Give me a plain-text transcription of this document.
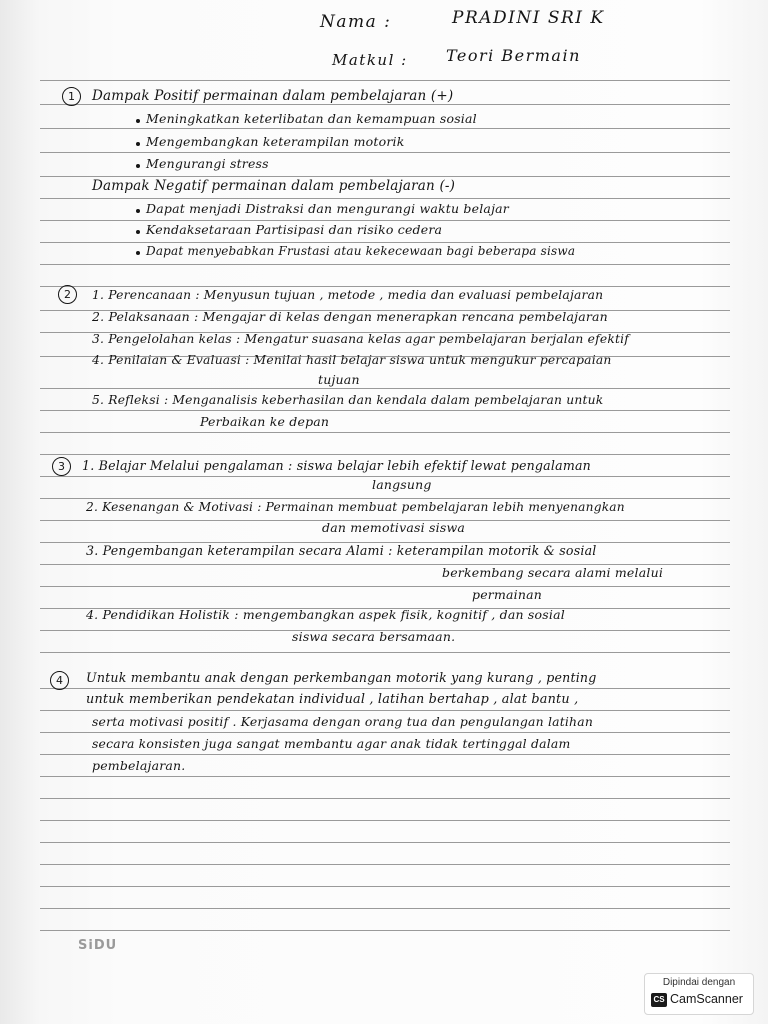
Nama :	PRADINI SRI K
Matkul : Teori Bermain
1	Dampak Positif permainan dalam pembelajaran (+)
Meningkatkan keterlibatan dan kemampuan sosial
Mengembangkan keterampilan motorik
Mengurangi stress
Dampak Negatif permainan dalam pembelajaran (-)
Dapat menjadi Distraksi dan mengurangi waktu belajar
Kendaksetaraan Partisipasi dan risiko cedera
Dapat menyebabkan Frustasi atau kekecewaan bagi beberapa siswa
2	1. Perencanaan : Menyusun tujuan , metode , media dan evaluasi pembelajaran
2. Pelaksanaan : Mengajar di kelas dengan menerapkan rencana pembelajaran
3. Pengelolahan kelas : Mengatur suasana kelas agar pembelajaran berjalan efektif
4. Penilaian & Evaluasi : Menilai hasil belajar siswa untuk mengukur percapaian
tujuan
5. Refleksi : Menganalisis keberhasilan dan kendala dalam pembelajaran untuk
Perbaikan ke depan
3	1. Belajar Melalui pengalaman : siswa belajar lebih efektif lewat pengalaman
langsung
2. Kesenangan & Motivasi : Permainan membuat pembelajaran lebih menyenangkan
dan memotivasi siswa
3. Pengembangan keterampilan secara Alami : keterampilan motorik & sosial
berkembang secara alami melalui
permainan
4. Pendidikan Holistik : mengembangkan aspek fisik, kognitif , dan sosial
siswa secara bersamaan.
4	Untuk membantu anak dengan perkembangan motorik yang kurang , penting
untuk memberikan pendekatan individual , latihan bertahap , alat bantu ,
serta motivasi positif . Kerjasama dengan orang tua dan pengulangan latihan
secara konsisten juga sangat membantu agar anak tidak tertinggal dalam
pembelajaran.
SiDU
Dipindai dengan
CS CamScanner
